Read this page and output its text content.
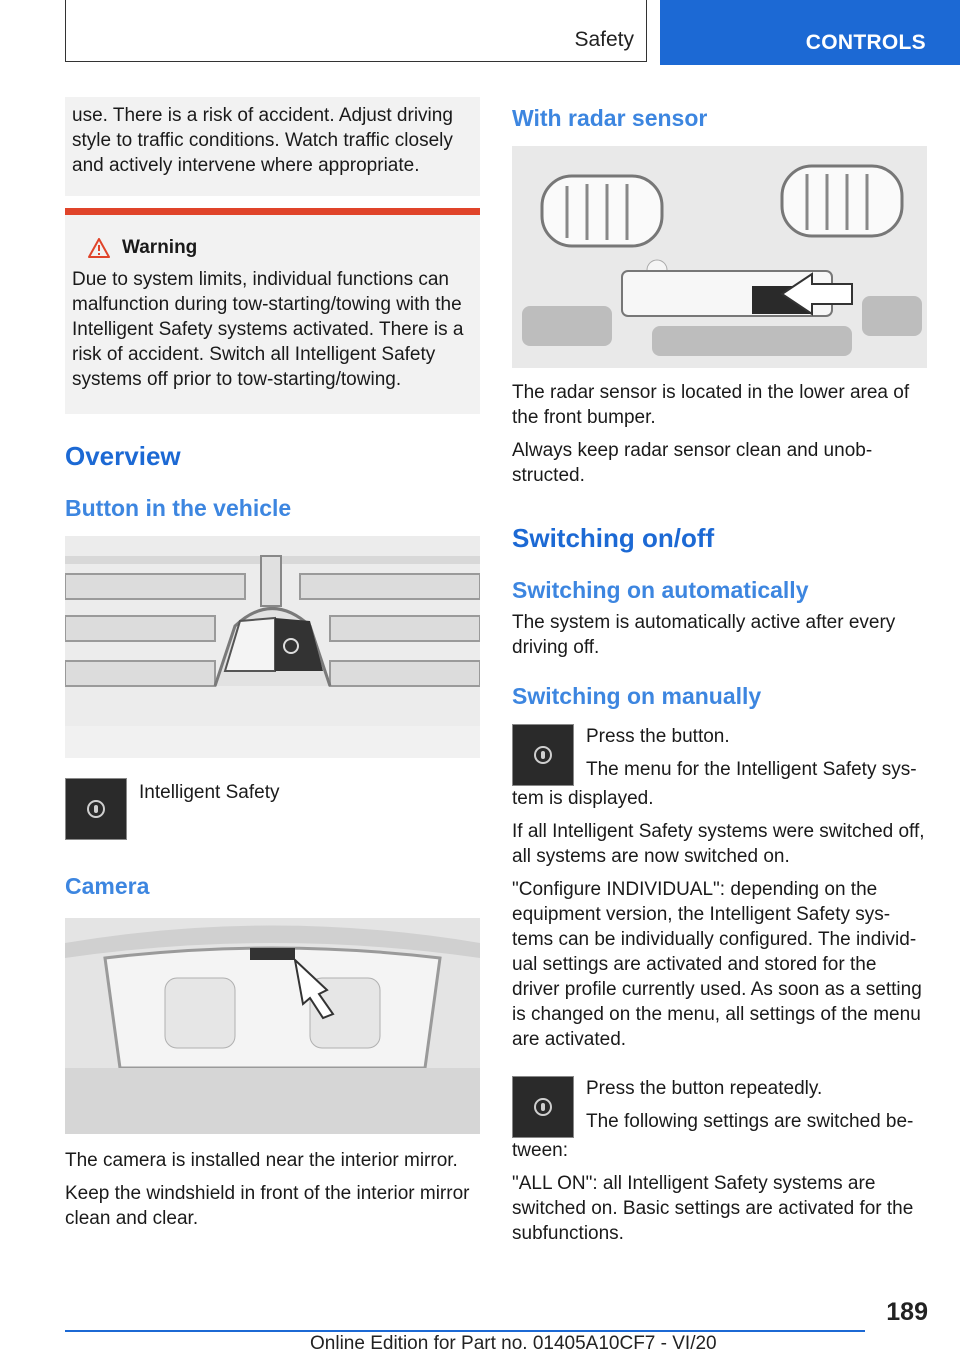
Safety	CONTROLS

use. There is a risk of accident. Adjust driving style to traffic conditions. Watch traffic closely and actively intervene where appropriate.

Warning

Due to system limits, individual functions can malfunction during tow-starting/towing with the Intelligent Safety systems activated. There is a risk of accident. Switch all Intelligent Safety systems off prior to tow-starting/towing.

Overview
Button in the vehicle

Intelligent Safety

Camera

The camera is installed near the interior mirror.

Keep the windshield in front of the interior mirror clean and clear.

With radar sensor

The radar sensor is located in the lower area of the front bumper.

Always keep radar sensor clean and unob-structed.

Switching on/off
Switching on automatically

The system is automatically active after every driving off.

Switching on manually

Press the button.

The menu for the Intelligent Safety sys-

tem is displayed.

If all Intelligent Safety systems were switched off, all systems are now switched on.

"Configure INDIVIDUAL": depending on the equipment version, the Intelligent Safety sys-tems can be individually configured. The individ-ual settings are activated and stored for the driver profile currently used. As soon as a setting is changed on the menu, all settings of the menu are activated.

Press the button repeatedly.

The following settings are switched be-

tween:

"ALL ON": all Intelligent Safety systems are switched on. Basic settings are activated for the subfunctions.

189
Online Edition for Part no. 01405A10CF7 - VI/20
